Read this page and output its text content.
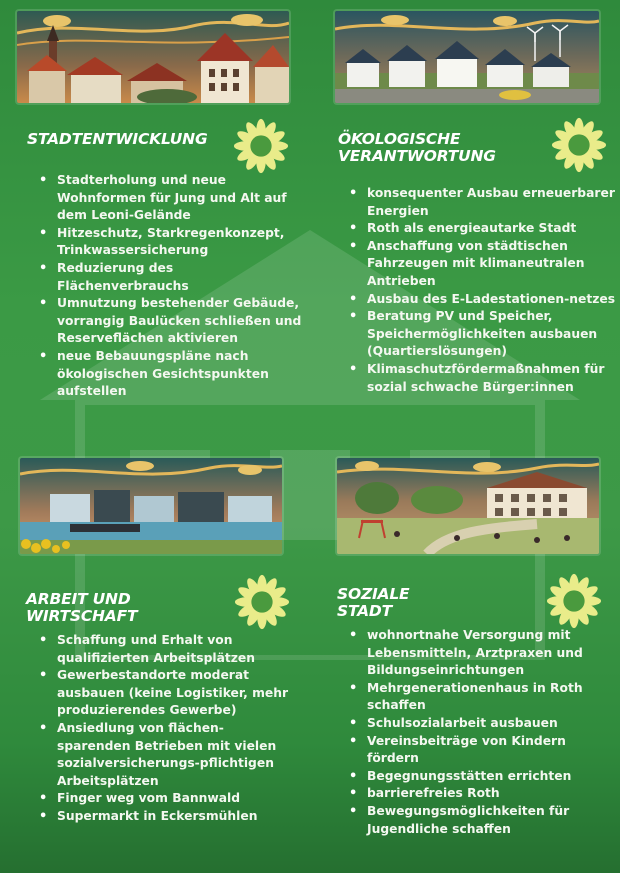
STADTENTWICKLUNG
• Stadterholung und neue Wohnformen für Jung und Alt auf dem Leoni-Gelände
• Hitzeschutz, Starkregenkonzept, Trinkwassersicherung
• Reduzierung des Flächenverbrauchs
• Umnutzung bestehender Gebäude, vorrangig Baulücken schließen und Reserveflächen aktivieren
• neue Bebauungspläne nach ökologischen Gesichtspunkten aufstellen
ÖKOLOGISCHE
VERANTWORTUNG
• konsequenter Ausbau erneuerbarer Energien
• Roth als energieautarke Stadt
• Anschaffung von städtischen Fahrzeugen mit klimaneutralen Antrieben
• Ausbau des E-Ladestationen-netzes
• Beratung PV und Speicher, Speichermöglichkeiten ausbauen (Quartierslösungen)
• Klimaschutzfördermaßnahmen für sozial schwache Bürger:innen
ARBEIT UND WIRTSCHAFT
• Schaffung und Erhalt von qualifizierten Arbeitsplätzen
• Gewerbestandorte moderat ausbauen (keine Logistiker, mehr produzierendes Gewerbe)
• Ansiedlung von flächen-sparenden Betrieben mit vielen sozialversicherungs-pflichtigen Arbeitsplätzen
• Finger weg vom Bannwald
• Supermarkt in Eckersmühlen
SOZIALE STADT
• wohnortnahe Versorgung mit Lebensmitteln, Arztpraxen und Bildungseinrichtungen
• Mehrgenerationenhaus in Roth schaffen
• Schulsozialarbeit ausbauen
• Vereinsbeiträge von Kindern fördern
• Begegnungsstätten errichten
• barrierefreies Roth
• Bewegungsmöglichkeiten für Jugendliche schaffen
